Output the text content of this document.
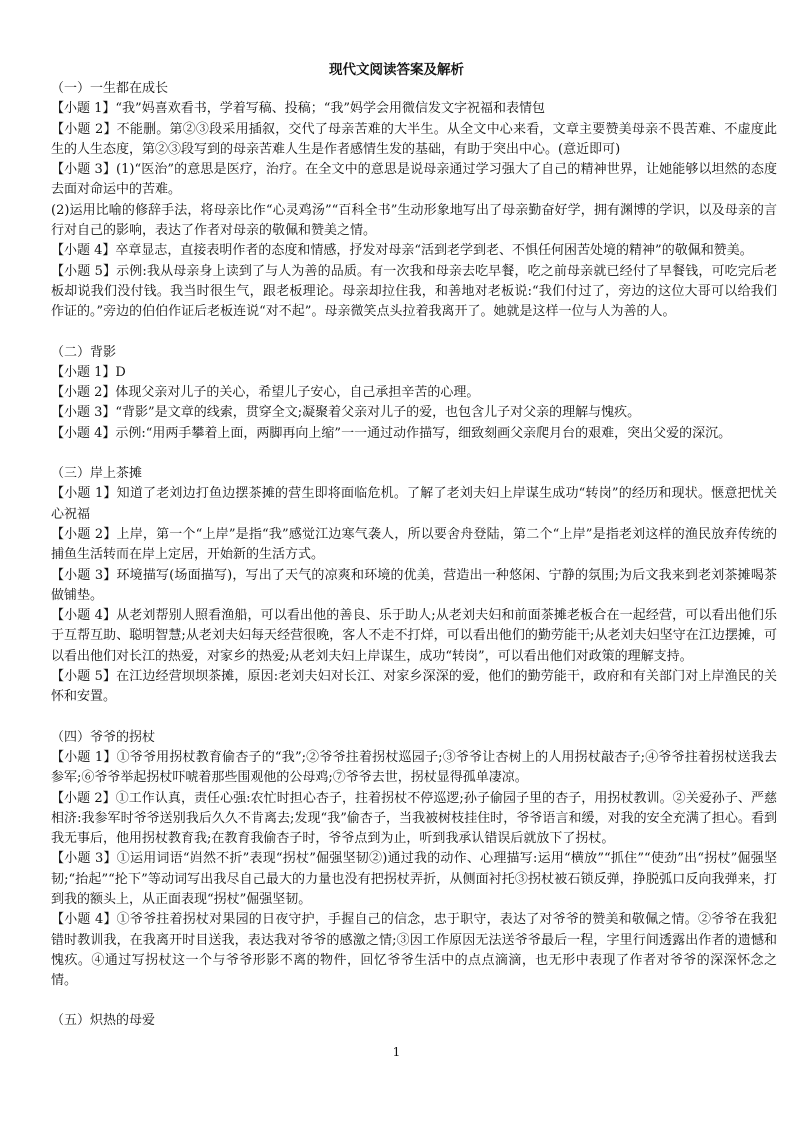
现代文阅读答案及解析

（一）一生都在成长

【小题 1】“我”妈喜欢看书，学着写稿、投稿；“我”妈学会用微信发文字祝福和表情包

【小题 2】不能删。第②③段采用插叙，交代了母亲苦难的大半生。从全文中心来看，文章主要赞美母亲不畏苦难、不虚度此生的人生态度，第②③段写到的母亲苦难人生是作者感情生发的基础，有助于突出中心。(意近即可)

【小题 3】(1)“医治”的意思是医疗，治疗。在全文中的意思是说母亲通过学习强大了自己的精神世界，让她能够以坦然的态度去面对命运中的苦难。

(2)运用比喻的修辞手法，将母亲比作“心灵鸡汤”“百科全书”生动形象地写出了母亲勤奋好学，拥有渊博的学识，以及母亲的言行对自己的影响，表达了作者对母亲的敬佩和赞美之情。

【小题 4】卒章显志，直接表明作者的态度和情感，抒发对母亲“活到老学到老、不惧任何困苦处境的精神”的敬佩和赞美。

【小题 5】示例:我从母亲身上读到了与人为善的品质。有一次我和母亲去吃早餐，吃之前母亲就已经付了早餐钱，可吃完后老板却说我们没付钱。我当时很生气，跟老板理论。母亲却拉住我，和善地对老板说:“我们付过了，旁边的这位大哥可以给我们作证的。”旁边的伯伯作证后老板连说“对不起”。母亲微笑点头拉着我离开了。她就是这样一位与人为善的人。

（二）背影

【小题 1】D

【小题 2】体现父亲对儿子的关心，希望儿子安心，自己承担辛苦的心理。

【小题 3】“背影”是文章的线索，贯穿全文;凝聚着父亲对儿子的爱，也包含儿子对父亲的理解与愧疚。

【小题 4】示例:“用两手攀着上面，两脚再向上缩”一一通过动作描写，细致刻画父亲爬月台的艰难，突出父爱的深沉。

（三）岸上茶摊

【小题 1】知道了老刘边打鱼边摆茶摊的营生即将面临危机。了解了老刘夫妇上岸谋生成功“转岗”的经历和现状。惬意把忧关心祝福

【小题 2】上岸，第一个“上岸”是指“我”感觉江边寒气袭人，所以要舍舟登陆，第二个“上岸”是指老刘这样的渔民放弃传统的捕鱼生活转而在岸上定居，开始新的生活方式。

【小题 3】环境描写(场面描写)，写出了天气的凉爽和环境的优美，营造出一种悠闲、宁静的氛围;为后文我来到老刘茶摊喝茶做铺垫。

【小题 4】从老刘帮别人照看渔船，可以看出他的善良、乐于助人;从老刘夫妇和前面茶摊老板合在一起经营，可以看出他们乐于互帮互助、聪明智慧;从老刘夫妇每天经营很晚，客人不走不打烊，可以看出他们的勤劳能干;从老刘夫妇坚守在江边摆摊，可以看出他们对长江的热爱，对家乡的热爱;从老刘夫妇上岸谋生，成功“转岗”，可以看出他们对政策的理解支持。

【小题 5】在江边经营坝坝茶摊，原因:老刘夫妇对长江、对家乡深深的爱，他们的勤劳能干，政府和有关部门对上岸渔民的关怀和安置。

（四）爷爷的拐杖

【小题 1】①爷爷用拐杖教育偷杏子的“我”;②爷爷拄着拐杖巡园子;③爷爷让杏树上的人用拐杖敲杏子;④爷爷拄着拐杖送我去参军;⑥爷爷举起拐杖吓唬着那些围观他的公母鸡;⑦爷爷去世，拐杖显得孤单凄凉。

【小题 2】①工作认真，责任心强:农忙时担心杏子，拄着拐杖不停巡逻;孙子偷园子里的杏子，用拐杖教训。②关爱孙子、严慈相济:我参军时爷爷送别我后久久不肯离去;发现“我”偷杏子，当我被树枝挂住时，爷爷语言和缓，对我的安全充满了担心。看到我无事后，他用拐杖教育我;在教育我偷杏子时，爷爷点到为止，听到我承认错误后就放下了拐杖。

【小题 3】①运用词语“岿然不折”表现“拐杖”倔强坚韧②)通过我的动作、心理描写:运用“横放”“抓住”“使劲”出“拐杖”倔强坚韧;“抬起”“抡下”等动词写出我尽自己最大的力量也没有把拐杖弄折，从侧面衬托③拐杖被石锁反弹，挣脱弧口反向我弹来，打到我的额头上，从正面表现“拐杖”倔强坚韧。

【小题 4】①爷爷拄着拐杖对果园的日夜守护，手握自己的信念，忠于职守，表达了对爷爷的赞美和敬佩之情。②爷爷在我犯错时教训我，在我离开时目送我，表达我对爷爷的感激之情;③因工作原因无法送爷爷最后一程，字里行间透露出作者的遗憾和愧疚。④通过写拐杖这一个与爷爷形影不离的物件，回忆爷爷生活中的点点滴滴，也无形中表现了作者对爷爷的深深怀念之情。

（五）炽热的母爱

1
